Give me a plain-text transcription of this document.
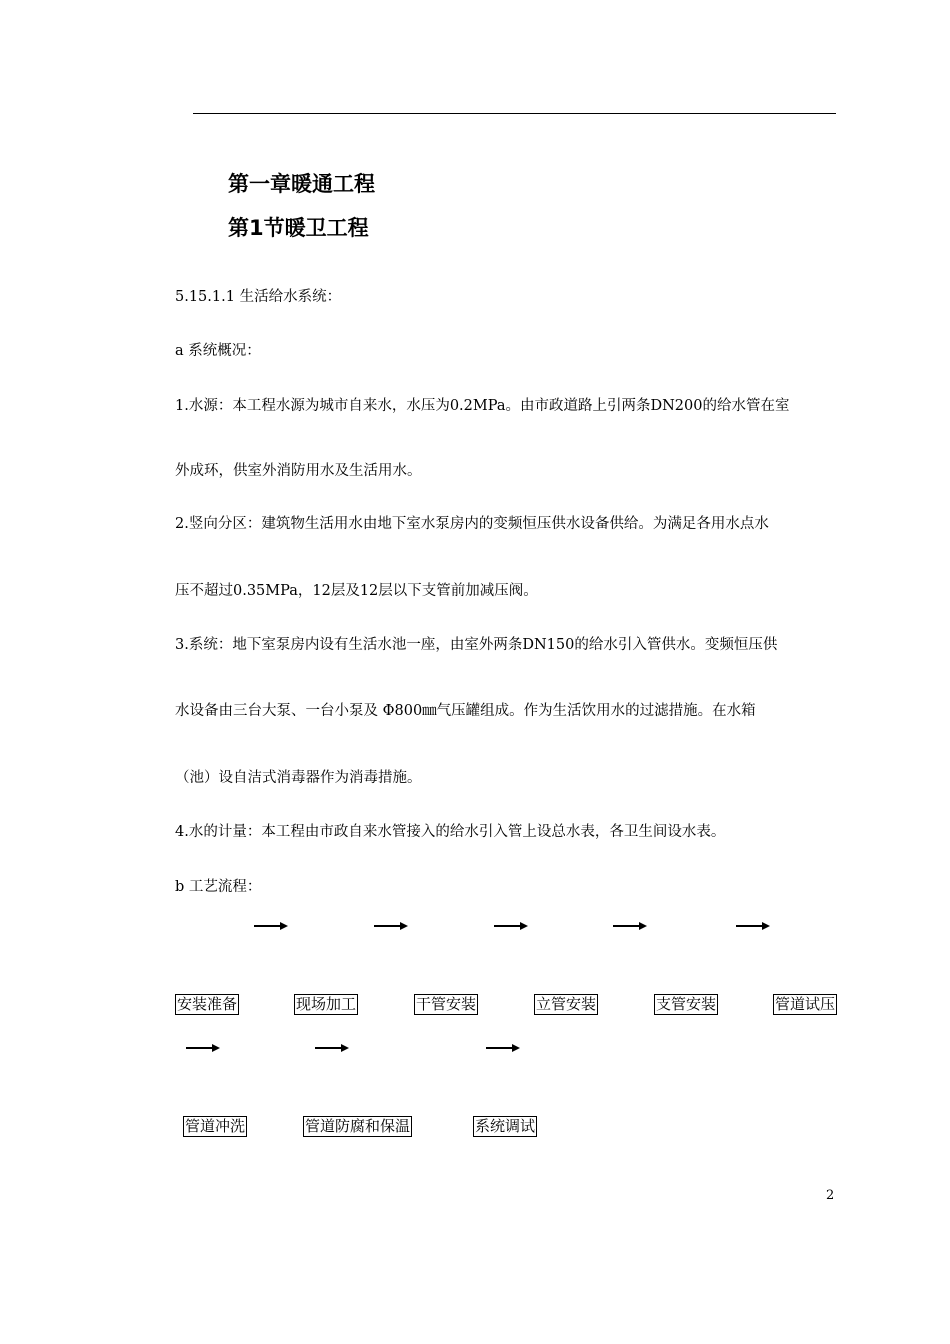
第一章暖通工程
第1节暖卫工程
5.15.1.1 生活给水系统：
a 系统概况：
1.水源：本工程水源为城市自来水，水压为0.2MPa。由市政道路上引两条DN200的给水管在室
外成环，供室外消防用水及生活用水。
2.竖向分区：建筑物生活用水由地下室水泵房内的变频恒压供水设备供给。为满足各用水点水
压不超过0.35MPa，12层及12层以下支管前加减压阀。
3.系统：地下室泵房内设有生活水池一座，由室外两条DN150的给水引入管供水。变频恒压供
水设备由三台大泵、一台小泵及 Φ800㎜气压罐组成。作为生活饮用水的过滤措施。在水箱
（池）设自洁式消毒器作为消毒措施。
4.水的计量：本工程由市政自来水管接入的给水引入管上设总水表，各卫生间设水表。
b 工艺流程：
安装准备	现场加工	干管安装	立管安装	支管安装	管道试压
管道冲洗	管道防腐和保温	系统调试
2
